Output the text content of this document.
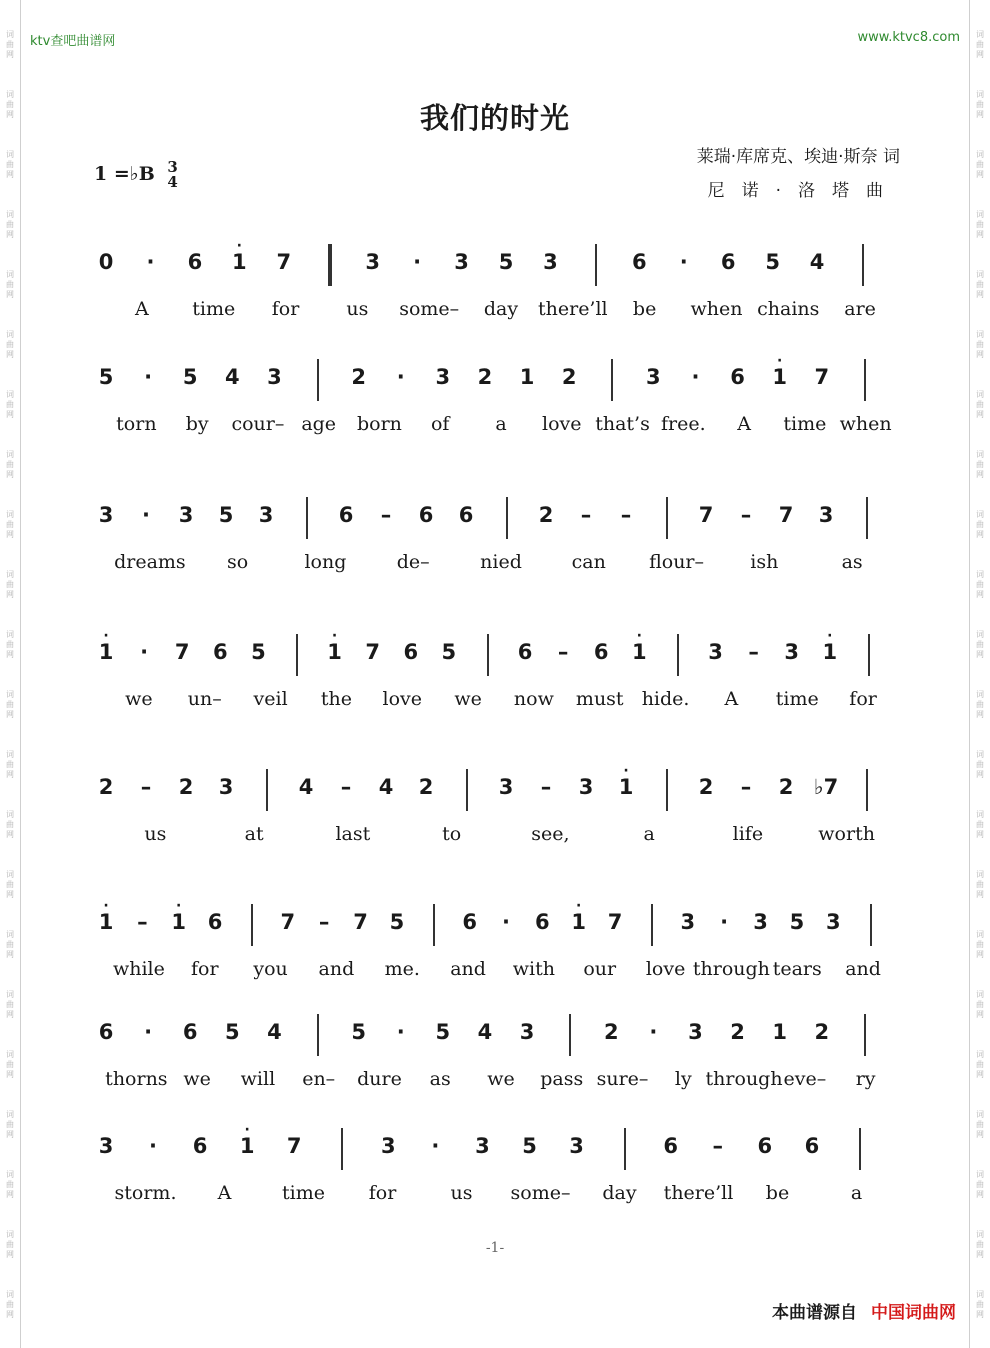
词
曲
网
词
曲
网
词
曲
网
词
曲
网
词
曲
网
词
曲
网
词
曲
网
词
曲
网
词
曲
网
词
曲
网
词
曲
网
词
曲
网
词
曲
网
词
曲
网
词
曲
网
词
曲
网
词
曲
网
词
曲
网
词
曲
网
词
曲
网
词
曲
网
词
曲
网
词
曲
网
词
曲
网
词
曲
网
词
曲
网
词
曲
网
词
曲
网
词
曲
网
词
曲
网
词
曲
网
词
曲
网
词
曲
网
词
曲
网
词
曲
网
词
曲
网
词
曲
网
词
曲
网
词
曲
网
词
曲
网
词
曲
网
词
曲
网
词
曲
网
词
曲
网
ktv查吧曲谱网	www.ktvc8.com
我们的时光
1 =♭B 3
4
莱瑞·库席克、埃迪·斯奈 词
尼诺·洛塔曲
0 · 6 1
·
7	3 · 3 5 3	6 · 6 5 4
A time for us some– day there’ll be when chains are
5 · 5 4 3	2 · 3 2 1 2	3 · 6 1
·
7
torn by cour– age born of a love that’s free. A time when
3 · 3 5 3	6 – 6 6	2 – –	7 – 7 3
dreams so	long	de–	nied	can flour– ish	as
1
·
· 7 6 5	1
·
7 6 5	6 – 6 1
·
3 – 3 1
·
we un– veil the love we now must hide. A time for
2 – 2 3	4 – 4 2	3 – 3 1
·
2 – 2 ♭7
us	at	last	to	see,	a	life	worth
1
·
– 1
·
6	7 – 7 5	6 · 6 1
·
7	3 · 3 5 3
while for you and me. and with our love through tears and
6 · 6 5 4	5 · 5 4 3	2 · 3 2 1 2
thorns we will en– dure as we pass sure– ly through eve– ry
3 · 6 1
·
7	3 · 3 5 3	6 – 6 6
storm. A	time for	us some– day there’ll be	a
-1-
本曲谱源自 中国词曲网
